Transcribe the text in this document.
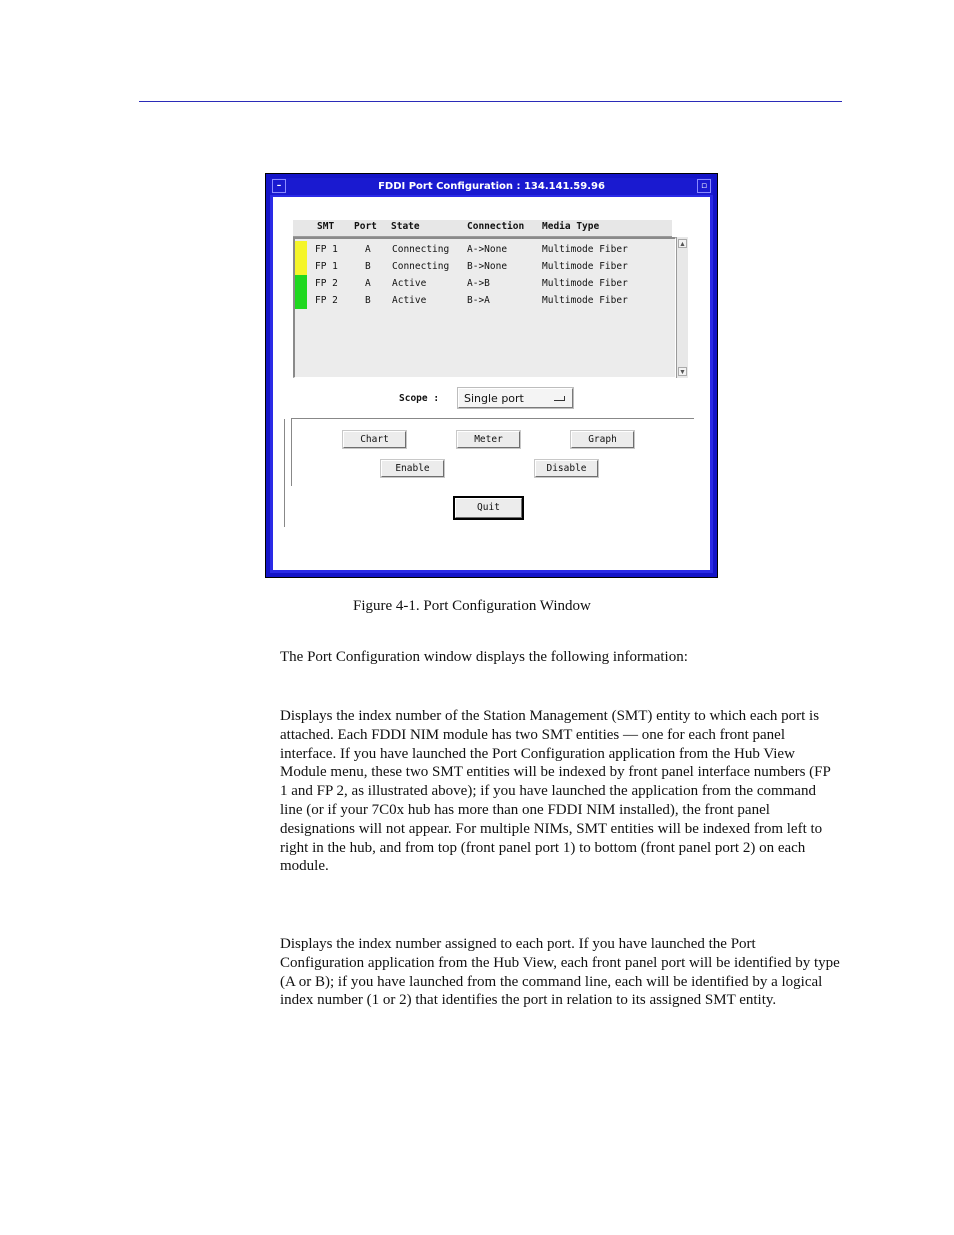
–	FDDI Port Configuration : 134.141.59.96	▫
SMT Port State	Connection Media Type
FP 1	A Connecting A->None	Multimode Fiber
FP 1	B Connecting B->None	Multimode Fiber
FP 2	A Active	A->B	Multimode Fiber
FP 2	B Active	B->A	Multimode Fiber
▲
▼
Scope : Single port
Chart	Meter	Graph
Enable	Disable
Quit
Figure 4-1. Port Configuration Window
The Port Configuration window displays the following information:
Displays the index number of the Station Management (SMT) entity to which each port is attached. Each FDDI NIM module has two SMT entities — one for each front panel interface. If you have launched the Port Configuration application from the Hub View Module menu, these two SMT entities will be indexed by front panel interface numbers (FP 1 and FP 2, as illustrated above); if you have launched the application from the command line (or if your 7C0x hub has more than one FDDI NIM installed), the front panel designations will not appear. For multiple NIMs, SMT entities will be indexed from left to right in the hub, and from top (front panel port 1) to bottom (front panel port 2) on each module.
Displays the index number assigned to each port. If you have launched the Port Configuration application from the Hub View, each front panel port will be identified by type (A or B); if you have launched from the command line, each will be identified by a logical index number (1 or 2) that identifies the port in relation to its assigned SMT entity.
